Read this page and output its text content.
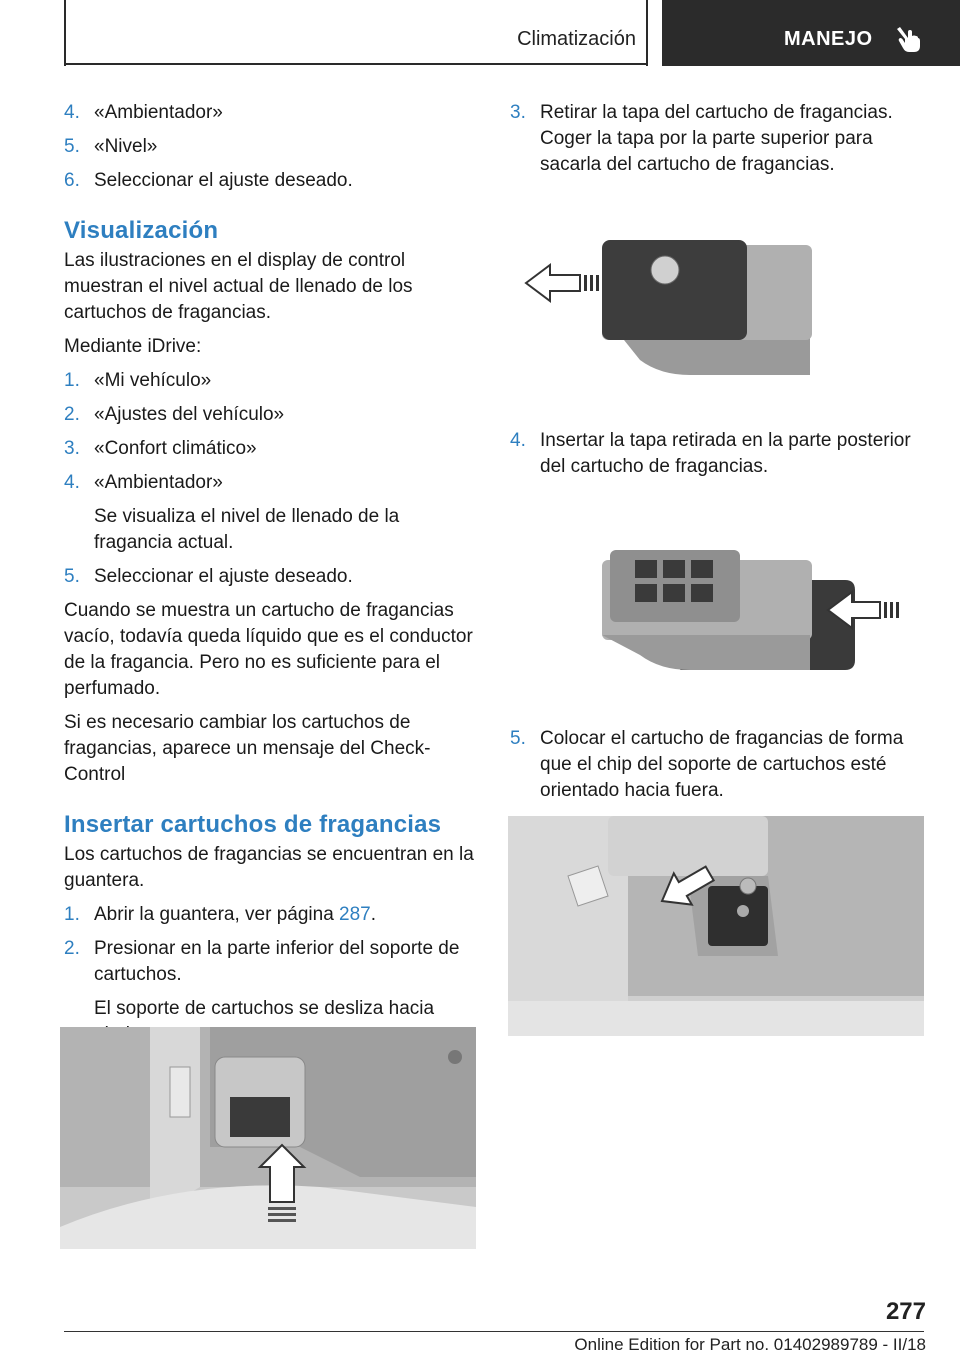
Climatización	MANEJO
4. «Ambientador»
5. «Nivel»
6. Seleccionar el ajuste deseado.
Visualización

Las ilustraciones en el display de control muestran el nivel actual de llenado de los cartuchos de fragancias.

Mediante iDrive:

1. «Mi vehículo»
2. «Ajustes del vehículo»
3. «Confort climático»
4. «Ambientador»

Se visualiza el nivel de llenado de la fragancia actual.

5. Seleccionar el ajuste deseado.

Cuando se muestra un cartucho de fragancias vacío, todavía queda líquido que es el conductor de la fragancia. Pero no es suficiente para el perfumado.

Si es necesario cambiar los cartuchos de fragancias, aparece un mensaje del Check-Control

Insertar cartuchos de fragancias

Los cartuchos de fragancias se encuentran en la guantera.

1. Abrir la guantera, ver página 287.
2. Presionar en la parte inferior del soporte de cartuchos.

El soporte de cartuchos se desliza hacia

3. Retirar la tapa del cartucho de fragancias. Coger la tapa por la parte superior para sacarla del cartucho de fragancias.
4. Insertar la tapa retirada en la parte posterior del cartucho de fragancias.
5. Colocar el cartucho de fragancias de forma que el chip del soporte de cartuchos esté orientado hacia fuera.
277
Online Edition for Part no. 01402989789 - II/18
